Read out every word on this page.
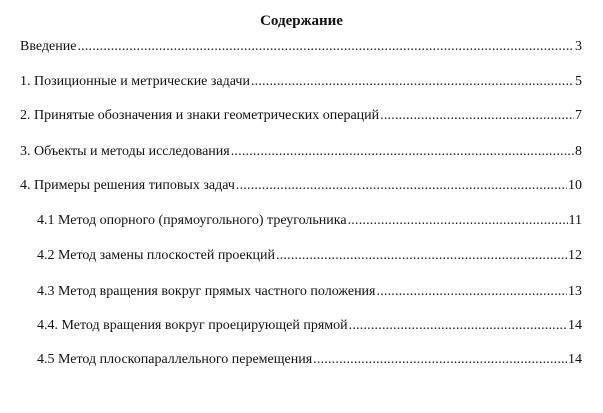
Содержание
Введение .....	3
1. Позиционные и метрические задачи .....	5
2. Принятые обозначения и знаки геометрических операций .....	7
3. Объекты и методы исследования .....	8
4. Примеры решения типовых задач .....	10
4.1 Метод опорного (прямоугольного) треугольника .....	11
4.2 Метод замены плоскостей проекций .....	12
4.3 Метод вращения вокруг прямых частного положения .....	13
4.4. Метод вращения вокруг проецирующей прямой .....	14
4.5 Метод плоскопараллельного перемещения .....	14
